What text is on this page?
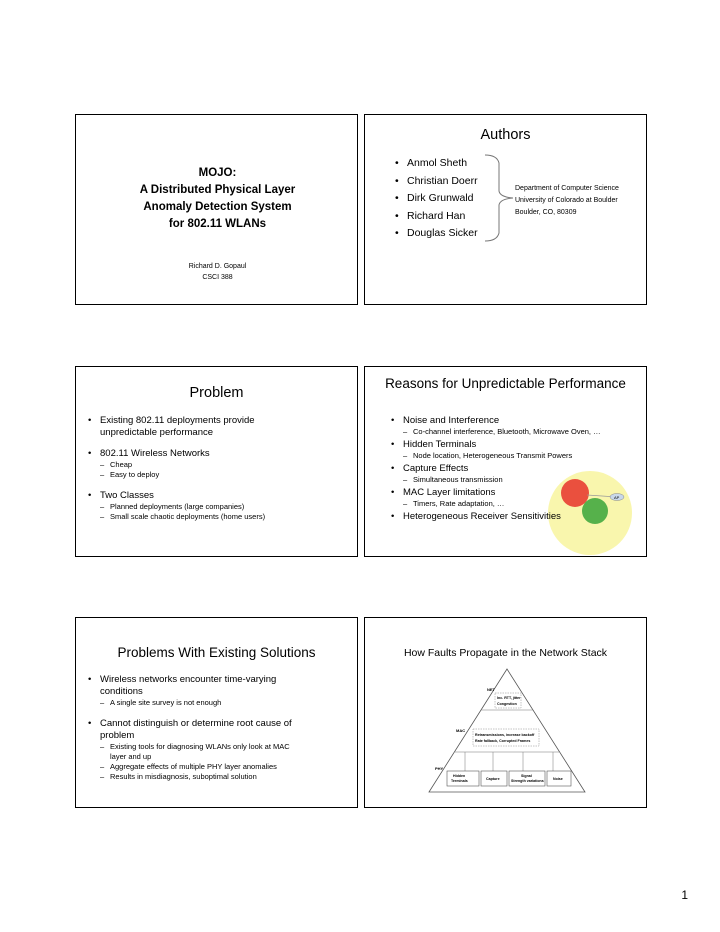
MOJO:
A Distributed Physical Layer
Anomaly Detection System
for 802.11 WLANs
Richard D. Gopaul
CSCI 388
Authors
• Anmol Sheth
• Christian Doerr
• Dirk Grunwald
• Richard Han
• Douglas Sicker
Department of Computer Science
University of Colorado at Boulder
Boulder, CO, 80309
Problem
• Existing 802.11 deployments provide unpredictable performance
• 802.11 Wireless Networks
– Cheap
– Easy to deploy
• Two Classes
– Planned deployments (large companies)
– Small scale chaotic deployments (home users)
Reasons for Unpredictable Performance
AP
• Noise and Interference
– Co-channel interference, Bluetooth, Microwave Oven, …
• Hidden Terminals
– Node location, Heterogeneous Transmit Powers
• Capture Effects
– Simultaneous transmission
• MAC Layer limitations
– Timers, Rate adaptation, …
• Heterogeneous Receiver Sensitivities
Problems With Existing Solutions
• Wireless networks encounter time-varying conditions
– A single site survey is not enough
• Cannot distinguish or determine root cause of problem
– Existing tools for diagnosing WLANs only look at MAC layer and up
– Aggregate effects of multiple PHY layer anomalies
– Results in misdiagnosis, suboptimal solution
How Faults Propagate in the Network Stack
NET
Inc. RTT, jitter
Congestion
MAC
Retransmissions, increase backoff
Rate fallback, Corrupted Frames
PHY
Hidden
Terminals	Capture
Signal
Strength variations	Noise
1
